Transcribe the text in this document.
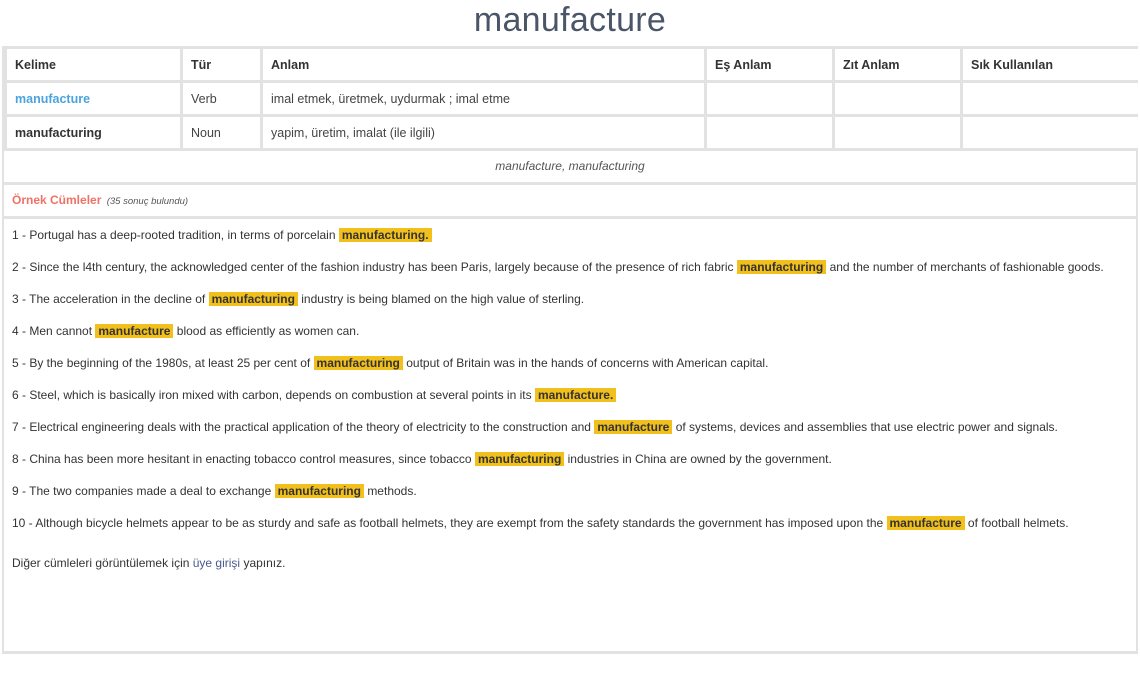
manufacture
Kelime	Tür	Anlam	Eş Anlam	Zıt Anlam	Sık Kullanılan
manufacture	Verb	imal etmek, üretmek, uydurmak ; imal etme			
manufacturing	Noun	yapim, üretim, imalat (ile ilgili)			
manufacture, manufacturing
Örnek Cümleler (35 sonuç bulundu)
1 - Portugal has a deep-rooted tradition, in terms of porcelain manufacturing.
2 - Since the l4th century, the acknowledged center of the fashion industry has been Paris, largely because of the presence of rich fabric manufacturing and the number of merchants of fashionable goods.
3 - The acceleration in the decline of manufacturing industry is being blamed on the high value of sterling.
4 - Men cannot manufacture blood as efficiently as women can.
5 - By the beginning of the 1980s, at least 25 per cent of manufacturing output of Britain was in the hands of concerns with American capital.
6 - Steel, which is basically iron mixed with carbon, depends on combustion at several points in its manufacture.
7 - Electrical engineering deals with the practical application of the theory of electricity to the construction and manufacture of systems, devices and assemblies that use electric power and signals.
8 - China has been more hesitant in enacting tobacco control measures, since tobacco manufacturing industries in China are owned by the government.
9 - The two companies made a deal to exchange manufacturing methods.
10 - Although bicycle helmets appear to be as sturdy and safe as football helmets, they are exempt from the safety standards the government has imposed upon the manufacture of football helmets.
Diğer cümleleri görüntülemek için üye girişi yapınız.
